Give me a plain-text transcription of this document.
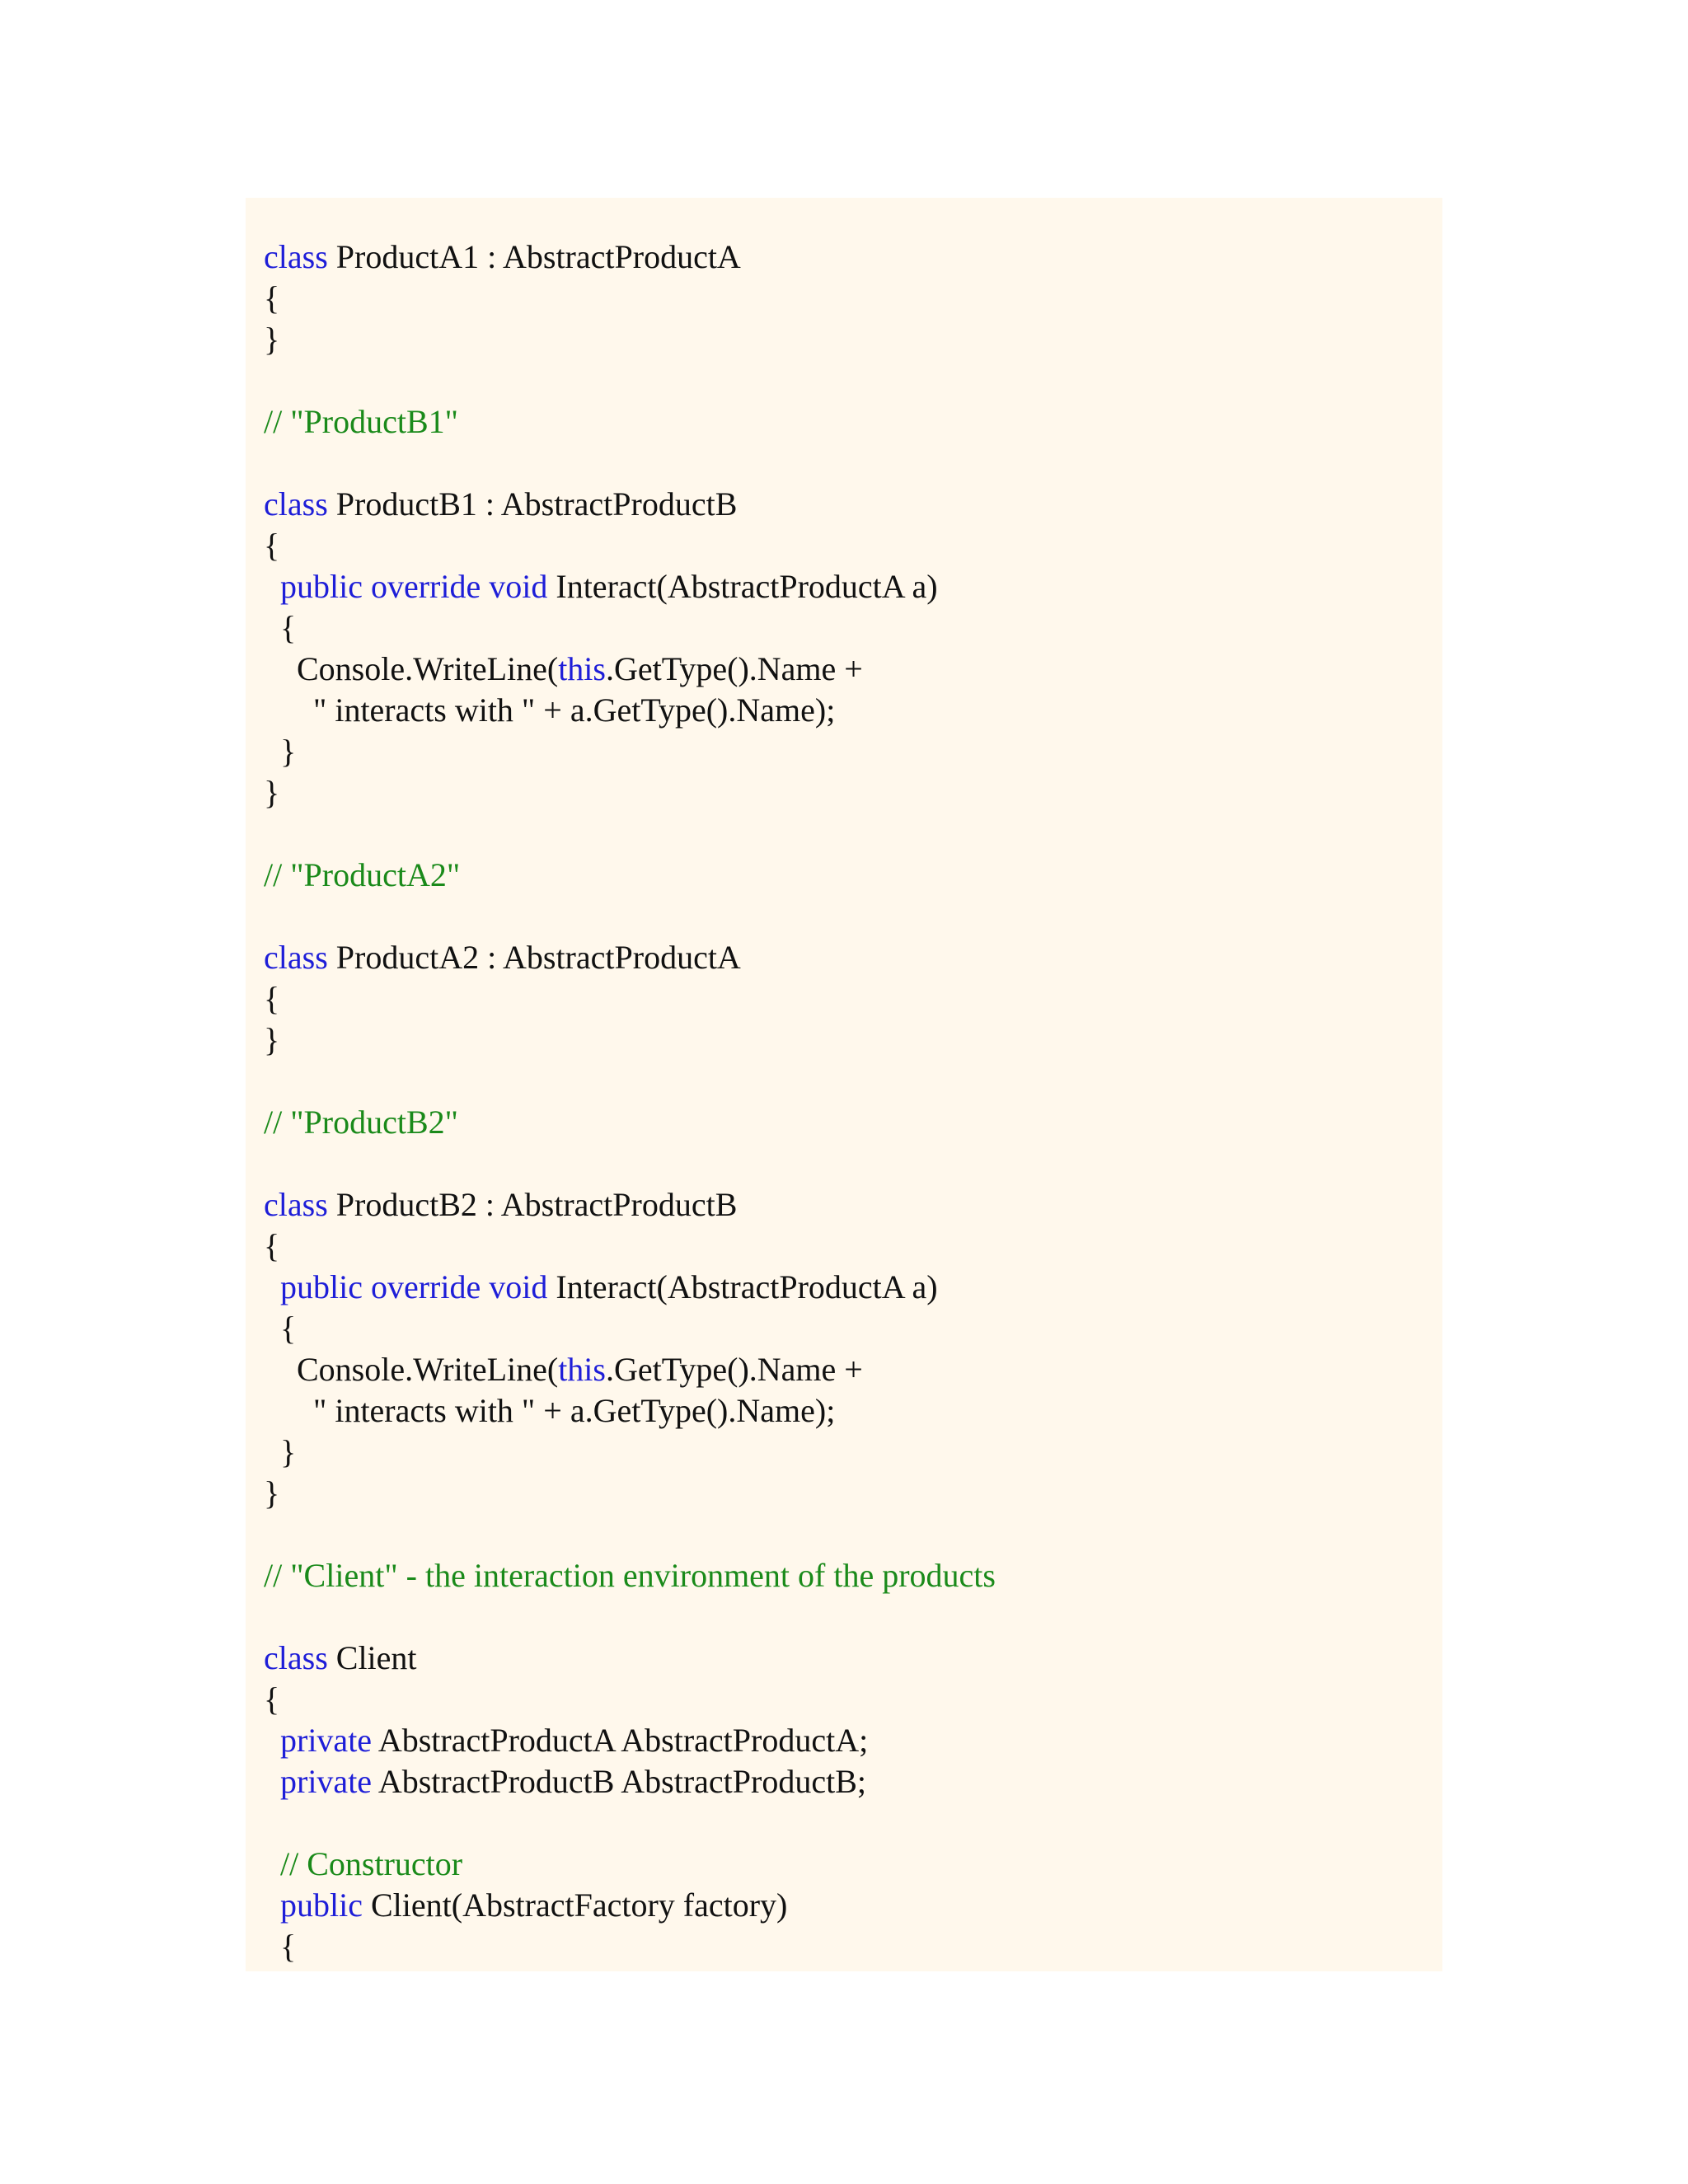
class ProductA1 : AbstractProductA
{
}

// "ProductB1"

class ProductB1 : AbstractProductB
{
public override void Interact(AbstractProductA a)
{
Console.WriteLine(this.GetType().Name +
" interacts with " + a.GetType().Name);
}
}

// "ProductA2"

class ProductA2 : AbstractProductA
{
}

// "ProductB2"

class ProductB2 : AbstractProductB
{
public override void Interact(AbstractProductA a)
{
Console.WriteLine(this.GetType().Name +
" interacts with " + a.GetType().Name);
}
}

// "Client" - the interaction environment of the products

class Client
{
private AbstractProductA AbstractProductA;
private AbstractProductB AbstractProductB;

// Constructor
public Client(AbstractFactory factory)
{
